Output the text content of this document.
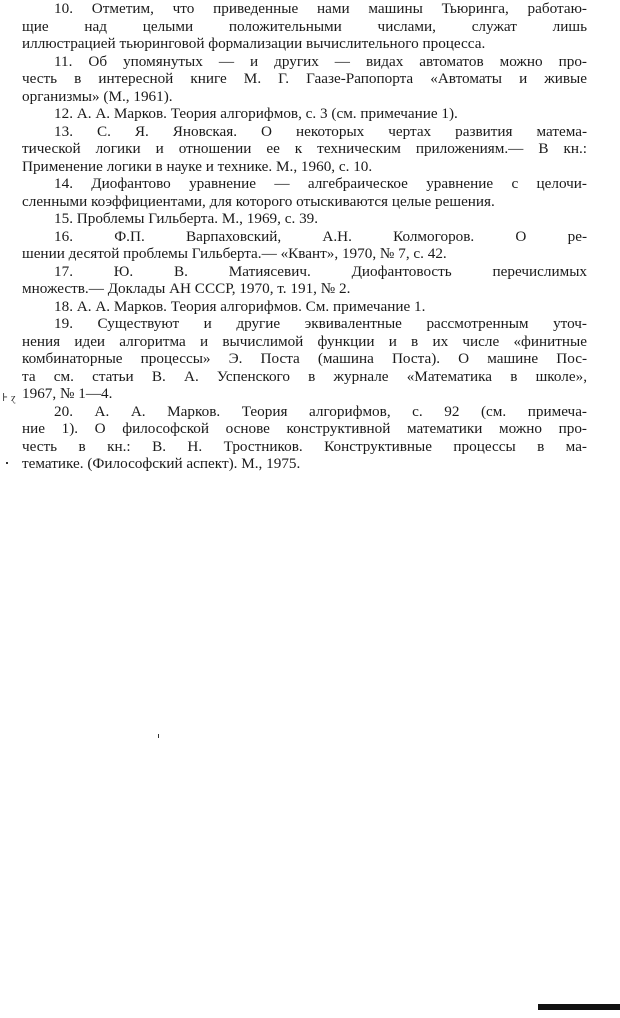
10. Отметим, что приведенные нами машины Тьюринга, работаю-
щие над целыми положительными числами, служат лишь
иллюстрацией тьюринговой формализации вычислительного процесса.

11. Об упомянутых — и других — видах автоматов можно про-
честь в интересной книге М. Г. Гаазе-Рапопорта «Автоматы и живые
организмы» (М., 1961).

12. А. А. Марков. Теория алгорифмов, с. 3 (см. примечание 1).

13. С. Я. Яновская. О некоторых чертах развития матема-
тической логики и отношении ее к техническим приложениям.— В кн.:
Применение логики в науке и технике. М., 1960, с. 10.

14. Диофантово уравнение — алгебраическое уравнение с целочи-
сленными коэффициентами, для которого отыскиваются целые решения.

15. Проблемы Гильберта. М., 1969, с. 39.

16. Ф.П. Варпаховский, А.Н. Колмогоров. О ре-
шении десятой проблемы Гильберта.— «Квант», 1970, № 7, с. 42.

17. Ю. В. Матиясевич. Диофантовость перечислимых
множеств.— Доклады АН СССР, 1970, т. 191, № 2.

18. А. А. Марков. Теория алгорифмов. См. примечание 1.

19. Существуют и другие эквивалентные рассмотренным уточ-
нения идеи алгоритма и вычислимой функции и в их числе «финитные
комбинаторные процессы» Э. Поста (машина Поста). О машине Пос-
та см. статьи В. А. Успенского в журнале «Математика в школе»,
1967, № 1—4.

20. А. А. Марков. Теория алгорифмов, с. 92 (см. примеча-
ние 1). О философской основе конструктивной математики можно про-
честь в кн.: В. Н. Тростников. Конструктивные процессы в ма-
тематике. (Философский аспект). М., 1975.

⊦ ɀ
